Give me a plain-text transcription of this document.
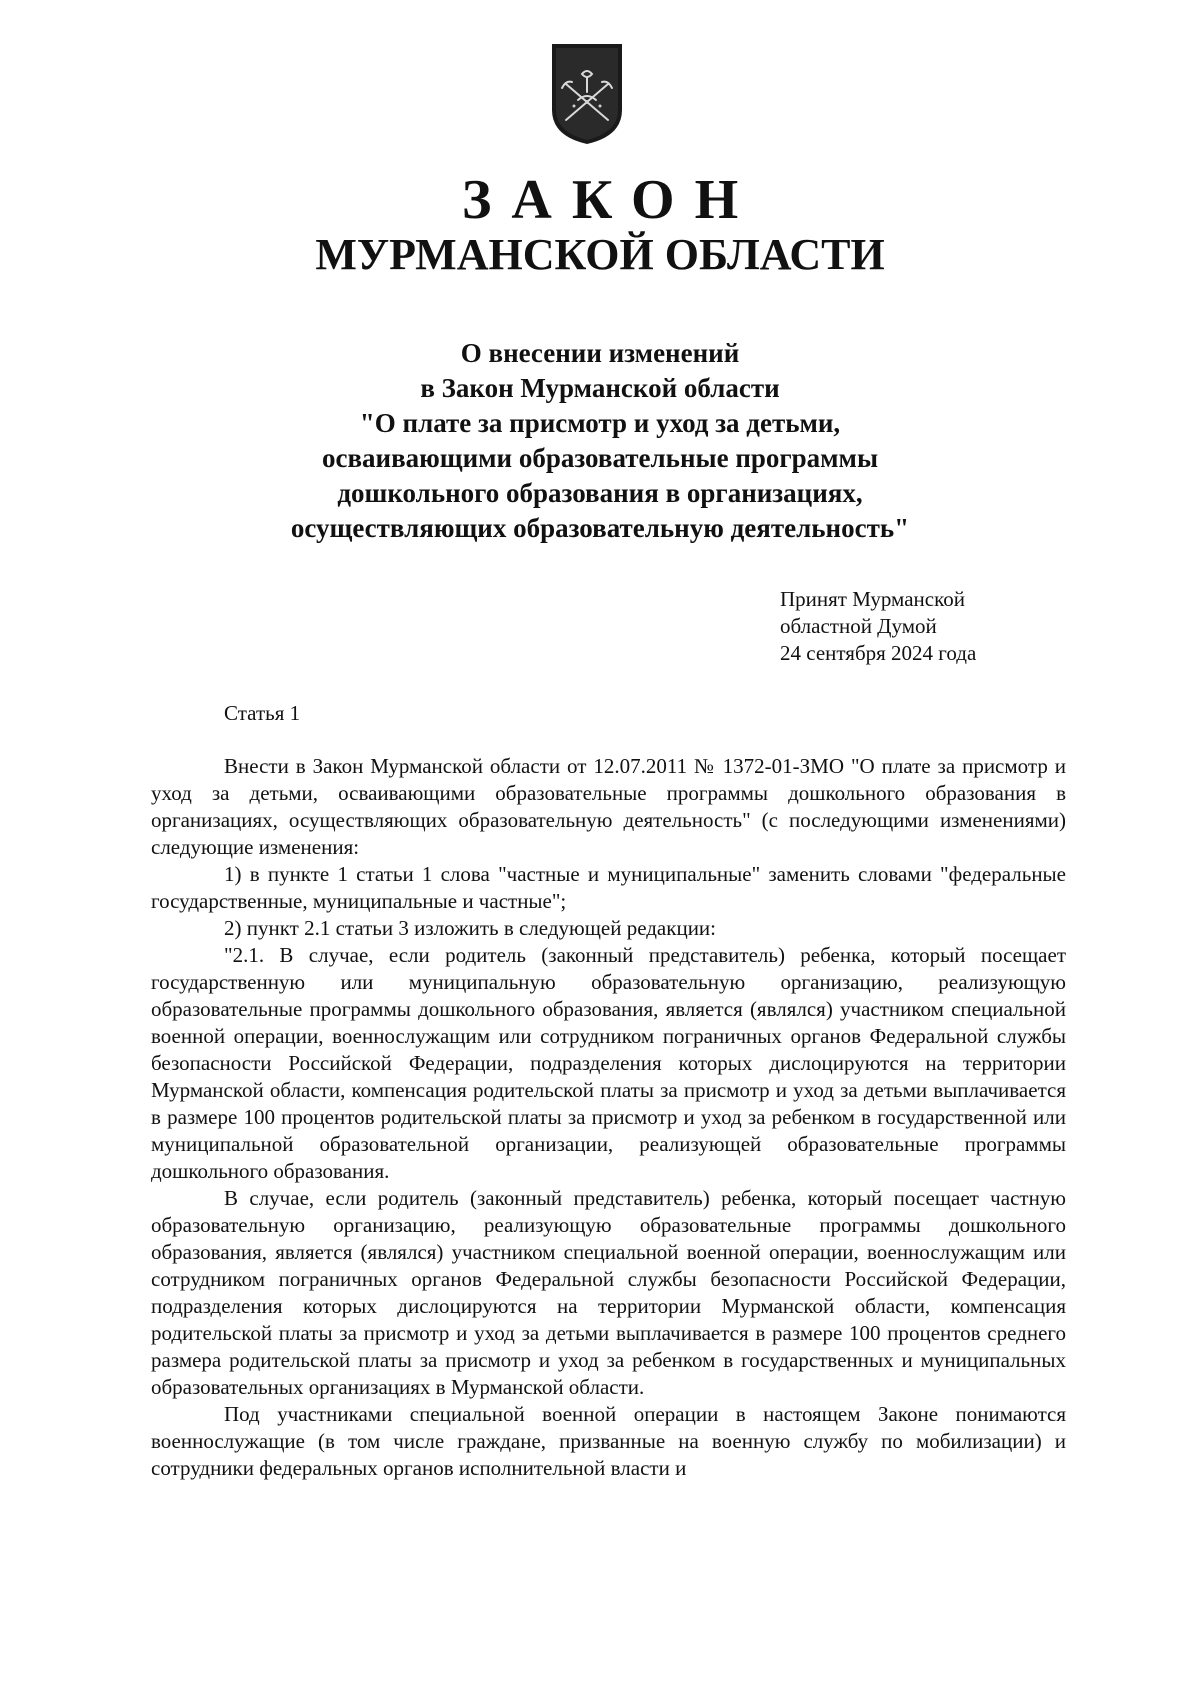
ЗАКОН
МУРМАНСКОЙ ОБЛАСТИ
О внесении изменений
в Закон Мурманской области
"О плате за присмотр и уход за детьми,
осваивающими образовательные программы
дошкольного образования в организациях,
осуществляющих образовательную деятельность"
Принят Мурманской
областной Думой
24 сентября 2024 года
Статья 1

Внести в Закон Мурманской области от 12.07.2011 № 1372-01-ЗМО "О плате за присмотр и уход за детьми, осваивающими образовательные программы дошкольного образования в организациях, осуществляющих образовательную деятельность" (с последующими изменениями) следующие изменения:

1) в пункте 1 статьи 1 слова "частные и муниципальные" заменить словами "федеральные государственные, муниципальные и частные";

2) пункт 2.1 статьи 3 изложить в следующей редакции:

"2.1. В случае, если родитель (законный представитель) ребенка, который посещает государственную или муниципальную образовательную организацию, реализующую образовательные программы дошкольного образования, является (являлся) участником специальной военной операции, военнослужащим или сотрудником пограничных органов Федеральной службы безопасности Российской Федерации, подразделения которых дислоцируются на территории Мурманской области, компенсация родительской платы за присмотр и уход за детьми выплачивается в размере 100 процентов родительской платы за присмотр и уход за ребенком в государственной или муниципальной образовательной организации, реализующей образовательные программы дошкольного образования.

В случае, если родитель (законный представитель) ребенка, который посещает частную образовательную организацию, реализующую образовательные программы дошкольного образования, является (являлся) участником специальной военной операции, военнослужащим или сотрудником пограничных органов Федеральной службы безопасности Российской Федерации, подразделения которых дислоцируются на территории Мурманской области, компенсация родительской платы за присмотр и уход за детьми выплачивается в размере 100 процентов среднего размера родительской платы за присмотр и уход за ребенком в государственных и муниципальных образовательных организациях в Мурманской области.

Под участниками специальной военной операции в настоящем Законе понимаются военнослужащие (в том числе граждане, призванные на военную службу по мобилизации) и сотрудники федеральных органов исполнительной власти и
